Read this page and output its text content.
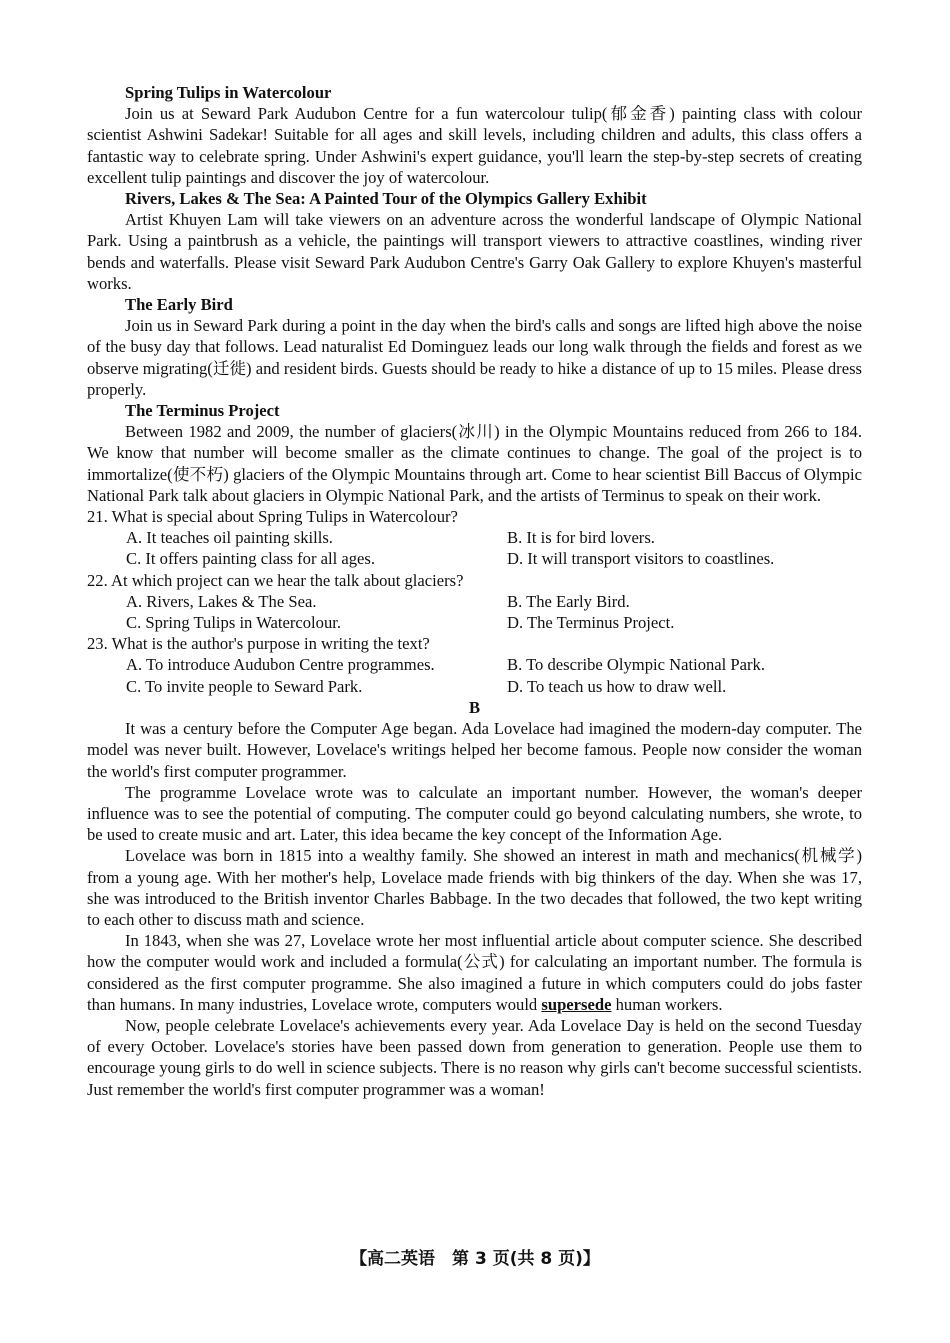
Spring Tulips in Watercolour

Join us at Seward Park Audubon Centre for a fun watercolour tulip(郁金香) painting class with colour scientist Ashwini Sadekar! Suitable for all ages and skill levels, including children and adults, this class offers a fantastic way to celebrate spring. Under Ashwini's expert guidance, you'll learn the step-by-step secrets of creating excellent tulip paintings and discover the joy of watercolour.

Rivers, Lakes & The Sea: A Painted Tour of the Olympics Gallery Exhibit

Artist Khuyen Lam will take viewers on an adventure across the wonderful landscape of Olympic National Park. Using a paintbrush as a vehicle, the paintings will transport viewers to attractive coastlines, winding river bends and waterfalls. Please visit Seward Park Audubon Centre's Garry Oak Gallery to explore Khuyen's masterful works.

The Early Bird

Join us in Seward Park during a point in the day when the bird's calls and songs are lifted high above the noise of the busy day that follows. Lead naturalist Ed Dominguez leads our long walk through the fields and forest as we observe migrating(迁徙) and resident birds. Guests should be ready to hike a distance of up to 15 miles. Please dress properly.

The Terminus Project

Between 1982 and 2009, the number of glaciers(冰川) in the Olympic Mountains reduced from 266 to 184. We know that number will become smaller as the climate continues to change. The goal of the project is to immortalize(使不朽) glaciers of the Olympic Mountains through art. Come to hear scientist Bill Baccus of Olympic National Park talk about glaciers in Olympic National Park, and the artists of Terminus to speak on their work.

21. What is special about Spring Tulips in Watercolour?

A. It teaches oil painting skills.	B. It is for bird lovers.
C. It offers painting class for all ages.	D. It will transport visitors to coastlines.

22. At which project can we hear the talk about glaciers?

A. Rivers, Lakes & The Sea.	B. The Early Bird.
C. Spring Tulips in Watercolour.	D. The Terminus Project.

23. What is the author's purpose in writing the text?

A. To introduce Audubon Centre programmes.	B. To describe Olympic National Park.
C. To invite people to Seward Park.	D. To teach us how to draw well.
B

It was a century before the Computer Age began. Ada Lovelace had imagined the modern-day computer. The model was never built. However, Lovelace's writings helped her become famous. People now consider the woman the world's first computer programmer.

The programme Lovelace wrote was to calculate an important number. However, the woman's deeper influence was to see the potential of computing. The computer could go beyond calculating numbers, she wrote, to be used to create music and art. Later, this idea became the key concept of the Information Age.

Lovelace was born in 1815 into a wealthy family. She showed an interest in math and mechanics(机械学) from a young age. With her mother's help, Lovelace made friends with big thinkers of the day. When she was 17, she was introduced to the British inventor Charles Babbage. In the two decades that followed, the two kept writing to each other to discuss math and science.

In 1843, when she was 27, Lovelace wrote her most influential article about computer science. She described how the computer would work and included a formula(公式) for calculating an important number. The formula is considered as the first computer programme. She also imagined a future in which computers could do jobs faster than humans. In many industries, Lovelace wrote, computers would supersede human workers.

Now, people celebrate Lovelace's achievements every year. Ada Lovelace Day is held on the second Tuesday of every October. Lovelace's stories have been passed down from generation to generation. People use them to encourage young girls to do well in science subjects. There is no reason why girls can't become successful scientists. Just remember the world's first computer programmer was a woman!

【高二英语　第 3 页(共 8 页)】
